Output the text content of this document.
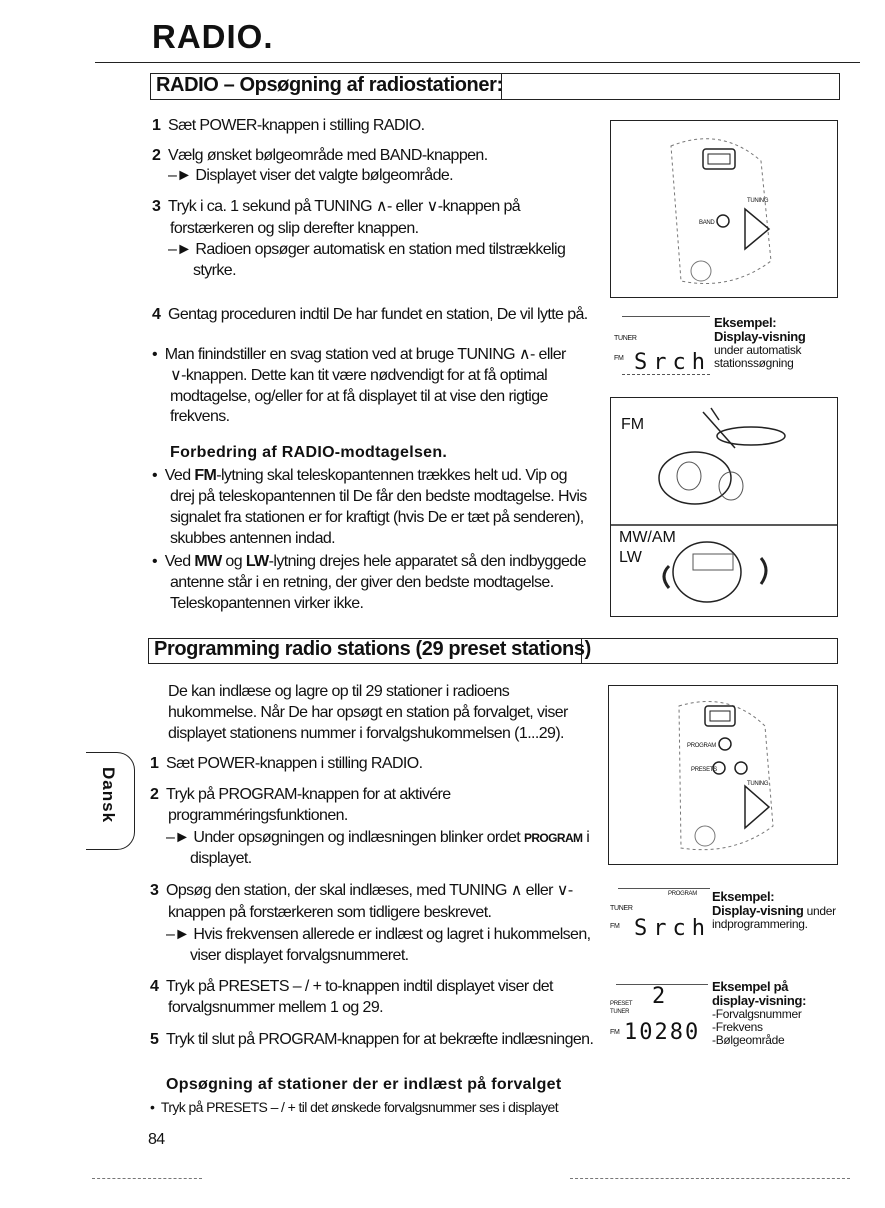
RADIO.
RADIO – Opsøgning af radiostationer:
1 Sæt POWER-knappen i stilling RADIO.
2 Vælg ønsket bølgeområde med BAND-knappen.
–► Displayet viser det valgte bølgeområde.
3 Tryk i ca. 1 sekund på TUNING ∧- eller ∨-knappen på
forstærkeren og slip derefter knappen.
–► Radioen opsøger automatisk en station med tilstrækkelig
styrke.
4 Gentag proceduren indtil De har fundet en station, De vil lytte på.
•  Man finindstiller en svag station ved at bruge TUNING ∧- eller
∨-knappen. Dette kan tit være nødvendigt for at få optimal
modtagelse, og/eller for at få displayet til at vise den rigtige
frekvens.
Forbedring af RADIO-modtagelsen.
•  Ved FM-lytning skal teleskopantennen trækkes helt ud. Vip og
drej på teleskopantennen til De får den bedste modtagelse. Hvis
signalet fra stationen er for kraftigt (hvis De er tæt på senderen),
skubbes antennen indad.
•  Ved MW og LW-lytning drejes hele apparatet så den indbyggede
antenne står i en retning, der giver den bedste modtagelse.
Teleskopantennen virker ikke.
BAND
TUNING
TUNER
FM Srch
Eksempel:
Display-visning
under automatisk
stationssøgning
FM
MW/AM
LW
Programming radio stations (29 preset stations)
Dansk
De kan indlæse og lagre op til 29 stationer i radioens
hukommelse. Når De har opsøgt en station på forvalget, viser
displayet stationens nummer i forvalgshukommelsen (1...29).
1 Sæt POWER-knappen i stilling RADIO.
2 Tryk på PROGRAM-knappen for at aktivére
programméringsfunktionen.
–► Under opsøgningen og indlæsningen blinker ordet PROGRAM i
displayet.
3 Opsøg den station, der skal indlæses, med TUNING ∧ eller ∨-
knappen på forstærkeren som tidligere beskrevet.
–► Hvis frekvensen allerede er indlæst og lagret i hukommelsen,
viser displayet forvalgsnummeret.
4 Tryk på PRESETS – / + to-knappen indtil displayet viser det
forvalgsnummer mellem 1 og 29.
5 Tryk til slut på PROGRAM-knappen for at bekræfte indlæsningen.
Opsøgning af stationer der er indlæst på forvalget
•  Tryk på PRESETS – / + til det ønskede forvalgsnummer ses i displayet
84
PROGRAM
PRESETS
TUNING
PROGRAM
TUNER
FM Srch
Eksempel:
Display-visning under
indprogrammering.
PRESET
TUNER
2
FM 10280
Eksempel på
display-visning:
-Forvalgsnummer
-Frekvens
-Bølgeområde
